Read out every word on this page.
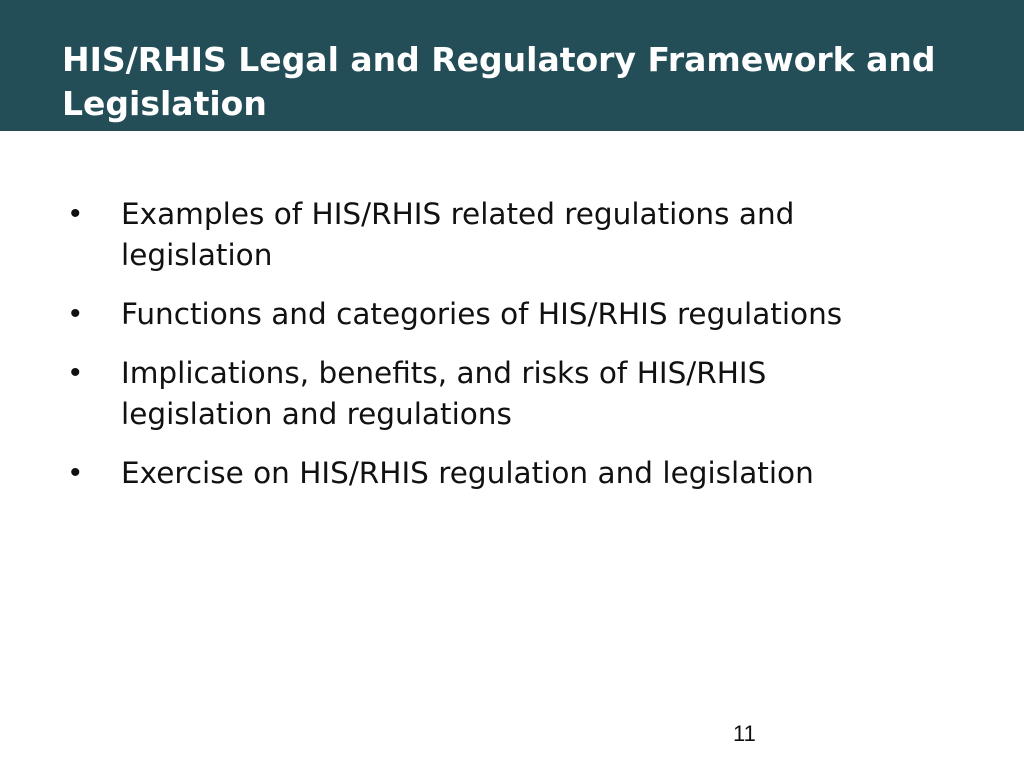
HIS/RHIS Legal and Regulatory Framework and Legislation
• Examples of HIS/RHIS related regulations and legislation
• Functions and categories of HIS/RHIS regulations
• Implications, benefits, and risks of HIS/RHIS legislation and regulations
• Exercise on HIS/RHIS regulation and legislation
11
